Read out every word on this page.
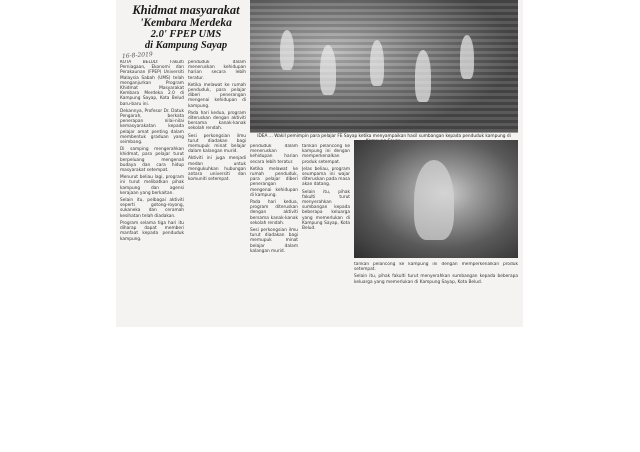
Khidmat masyarakat
'Kembara Merdeka
2.0' FPEP UMS
di Kampung Sayap
16-8-2019

KOTA BELUD: Fakulti Perniagaan, Ekonomi dan Perakaunan (FPEP) Universiti Malaysia Sabah (UMS) telah menganjurkan Program Khidmat Masyarakat Kembara Merdeka 2.0 di Kampung Sayap, Kota Belud baru-baru ini.

Dekannya, Profesor Dr. Datuk Pengarah, berkata penerapan nilai-nilai kemasyarakatan kepada pelajar amat penting dalam membentuk graduan yang seimbang.

Di samping mengerahkan khidmat, para pelajar turut berpeluang mengenali budaya dan cara hidup masyarakat setempat.

Menurut beliau lagi, program ini turut melibatkan pihak kampung dan agensi kerajaan yang berkaitan.

Selain itu, pelbagai aktiviti seperti gotong-royong, sukaneka dan ceramah kesihatan telah diadakan.

Program selama tiga hari itu diharap dapat memberi manfaat kepada penduduk kampung.

penduduk dalam meneruskan kehidupan harian secara lebih teratur.

Ketika melawat ke rumah penduduk, para pelajar diberi penerangan mengenai kehidupan di kampung.

Pada hari kedua, program diteruskan dengan aktiviti bersama kanak-kanak sekolah rendah.

Sesi perkongsian ilmu turut diadakan bagi memupuk minat belajar dalam kalangan murid.

Aktiviti ini juga menjadi medan untuk mengukuhkan hubungan antara universiti dan komuniti setempat.

IDEA ... Wakil pemimpin para pelajar FE Sayap ketika menyampaikan hasil sumbangan kepada penduduk kampung di

penduduk dalam meneruskan kehidupan harian secara lebih teratur.

Ketika melawat ke rumah penduduk, para pelajar diberi penerangan mengenai kehidupan di kampung.

Pada hari kedua, program diteruskan dengan aktiviti bersama kanak-kanak sekolah rendah.

Sesi perkongsian ilmu turut diadakan bagi memupuk minat belajar dalam kalangan murid.

tarikan pelancong ke kampung ini dengan memperkenalkan produk setempat.

Jelas beliau, program seumpama ini wajar diteruskan pada masa akan datang.

Selain itu, pihak fakulti turut menyerahkan sumbangan kepada beberapa keluarga yang memerlukan di Kampung Sayap, Kota Belud.

tarikan pelancong ke kampung ini dengan memperkenalkan produk setempat.

Selain itu, pihak fakulti turut menyerahkan sumbangan kepada beberapa keluarga yang memerlukan di Kampung Sayap, Kota Belud.
